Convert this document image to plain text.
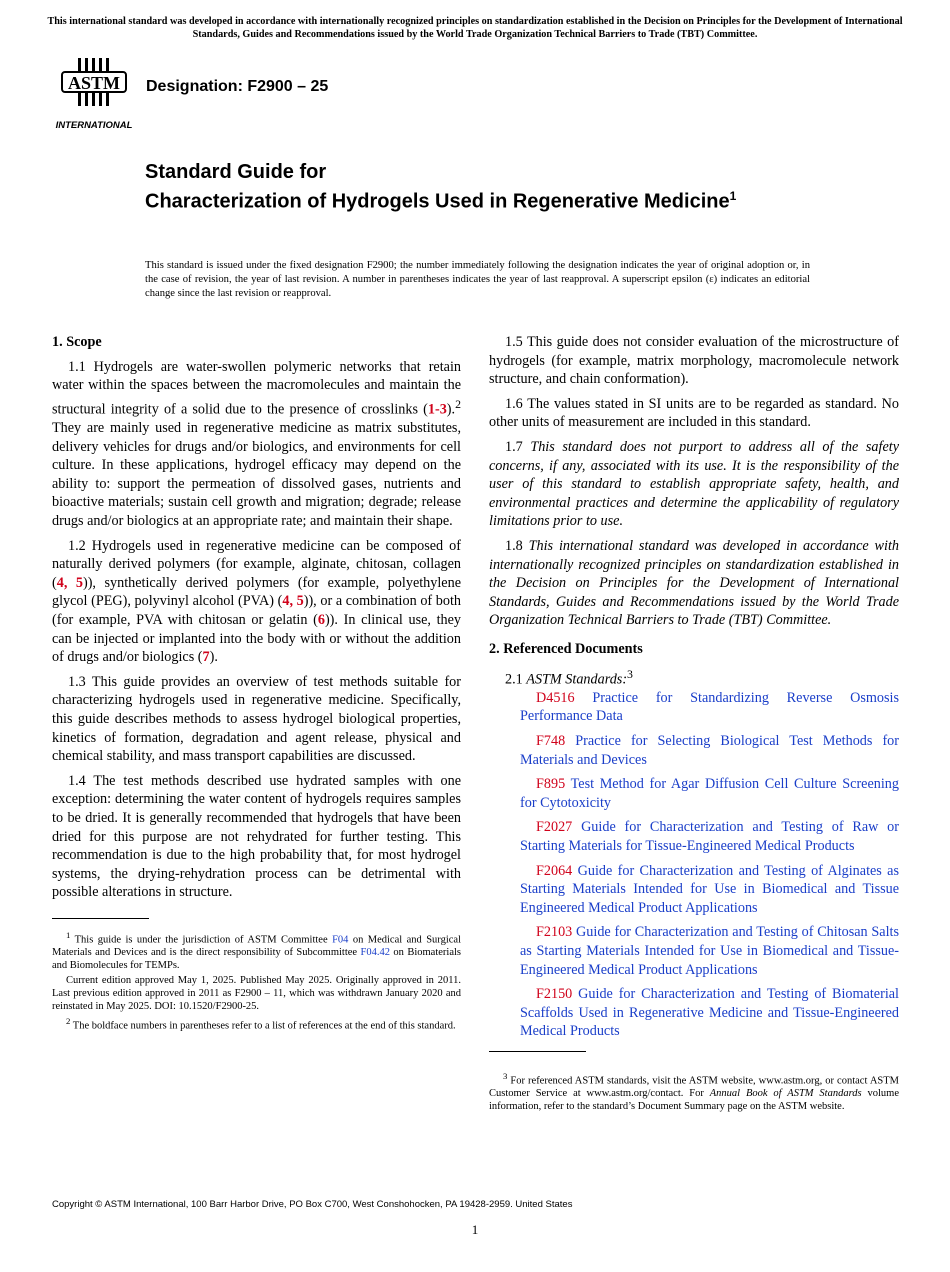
This international standard was developed in accordance with internationally recognized principles on standardization established in the Decision on Principles for the Development of International Standards, Guides and Recommendations issued by the World Trade Organization Technical Barriers to Trade (TBT) Committee.
ASTM
INTERNATIONAL
Designation: F2900 – 25
Standard Guide for
Characterization of Hydrogels Used in Regenerative Medicine$^1$
This standard is issued under the fixed designation F2900; the number immediately following the designation indicates the year of original adoption or, in the case of revision, the year of last revision. A number in parentheses indicates the year of last reapproval. A superscript epsilon (ε) indicates an editorial change since the last revision or reapproval.
1. Scope

1.1 Hydrogels are water-swollen polymeric networks that retain water within the spaces between the macromolecules and maintain the structural integrity of a solid due to the presence of crosslinks (1-3).$^2$ They are mainly used in regenerative medicine as matrix substitutes, delivery vehicles for drugs and/or biologics, and environments for cell culture. In these applications, hydrogel efficacy may depend on the ability to: support the permeation of dissolved gases, nutrients and bioactive materials; sustain cell growth and migration; degrade; release drugs and/or biologics at an appropriate rate; and maintain their shape.

1.2 Hydrogels used in regenerative medicine can be composed of naturally derived polymers (for example, alginate, chitosan, collagen (4, 5)), synthetically derived polymers (for example, polyethylene glycol (PEG), polyvinyl alcohol (PVA) (4, 5)), or a combination of both (for example, PVA with chitosan or gelatin (6)). In clinical use, they can be injected or implanted into the body with or without the addition of drugs and/or biologics (7).

1.3 This guide provides an overview of test methods suitable for characterizing hydrogels used in regenerative medicine. Specifically, this guide describes methods to assess hydrogel biological properties, kinetics of formation, degradation and agent release, physical and chemical stability, and mass transport capabilities are discussed.

1.4 The test methods described use hydrated samples with one exception: determining the water content of hydrogels requires samples to be dried. It is generally recommended that hydrogels that have been dried for this purpose are not rehydrated for further testing. This recommendation is due to the high probability that, for most hydrogel systems, the drying-rehydration process can be detrimental with possible alterations in structure.

$^1$ This guide is under the jurisdiction of ASTM Committee F04 on Medical and Surgical Materials and Devices and is the direct responsibility of Subcommittee F04.42 on Biomaterials and Biomolecules for TEMPs.

Current edition approved May 1, 2025. Published May 2025. Originally approved in 2011. Last previous edition approved in 2011 as F2900 – 11, which was withdrawn January 2020 and reinstated in May 2025. DOI: 10.1520/F2900-25.

$^2$ The boldface numbers in parentheses refer to a list of references at the end of this standard.

1.5 This guide does not consider evaluation of the microstructure of hydrogels (for example, matrix morphology, macromolecule network structure, and chain conformation).

1.6 The values stated in SI units are to be regarded as standard. No other units of measurement are included in this standard.

1.7 This standard does not purport to address all of the safety concerns, if any, associated with its use. It is the responsibility of the user of this standard to establish appropriate safety, health, and environmental practices and determine the applicability of regulatory limitations prior to use.

1.8 This international standard was developed in accordance with internationally recognized principles on standardization established in the Decision on Principles for the Development of International Standards, Guides and Recommendations issued by the World Trade Organization Technical Barriers to Trade (TBT) Committee.

2. Referenced Documents

2.1 ASTM Standards:$^3$

D4516 Practice for Standardizing Reverse Osmosis Performance Data

F748 Practice for Selecting Biological Test Methods for Materials and Devices

F895 Test Method for Agar Diffusion Cell Culture Screening for Cytotoxicity

F2027 Guide for Characterization and Testing of Raw or Starting Materials for Tissue-Engineered Medical Products

F2064 Guide for Characterization and Testing of Alginates as Starting Materials Intended for Use in Biomedical and Tissue Engineered Medical Product Applications

F2103 Guide for Characterization and Testing of Chitosan Salts as Starting Materials Intended for Use in Biomedical and Tissue-Engineered Medical Product Applications

F2150 Guide for Characterization and Testing of Biomaterial Scaffolds Used in Regenerative Medicine and Tissue-Engineered Medical Products

$^3$ For referenced ASTM standards, visit the ASTM website, www.astm.org, or contact ASTM Customer Service at www.astm.org/contact. For Annual Book of ASTM Standards volume information, refer to the standard’s Document Summary page on the ASTM website.

Copyright © ASTM International, 100 Barr Harbor Drive, PO Box C700, West Conshohocken, PA 19428-2959. United States
1
